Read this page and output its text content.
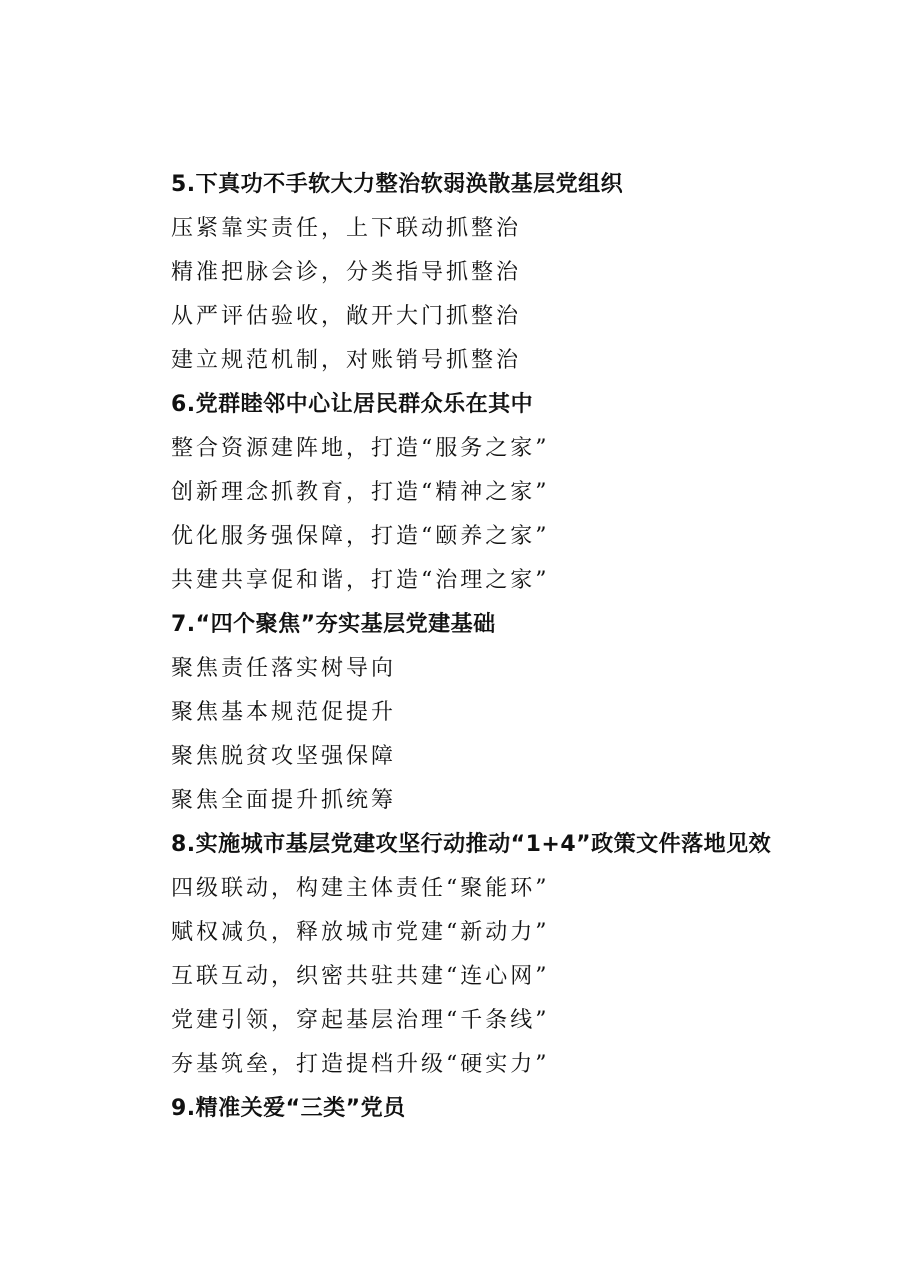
5.下真功不手软大力整治软弱涣散基层党组织
压紧靠实责任，上下联动抓整治
精准把脉会诊，分类指导抓整治
从严评估验收，敞开大门抓整治
建立规范机制，对账销号抓整治
6.党群睦邻中心让居民群众乐在其中
整合资源建阵地，打造“服务之家”
创新理念抓教育，打造“精神之家”
优化服务强保障，打造“颐养之家”
共建共享促和谐，打造“治理之家”
7.“四个聚焦”夯实基层党建基础
聚焦责任落实树导向
聚焦基本规范促提升
聚焦脱贫攻坚强保障
聚焦全面提升抓统筹
8.实施城市基层党建攻坚行动推动“1+4”政策文件落地见效
四级联动，构建主体责任“聚能环”
赋权减负，释放城市党建“新动力”
互联互动，织密共驻共建“连心网”
党建引领，穿起基层治理“千条线”
夯基筑垒，打造提档升级“硬实力”
9.精准关爱“三类”党员
